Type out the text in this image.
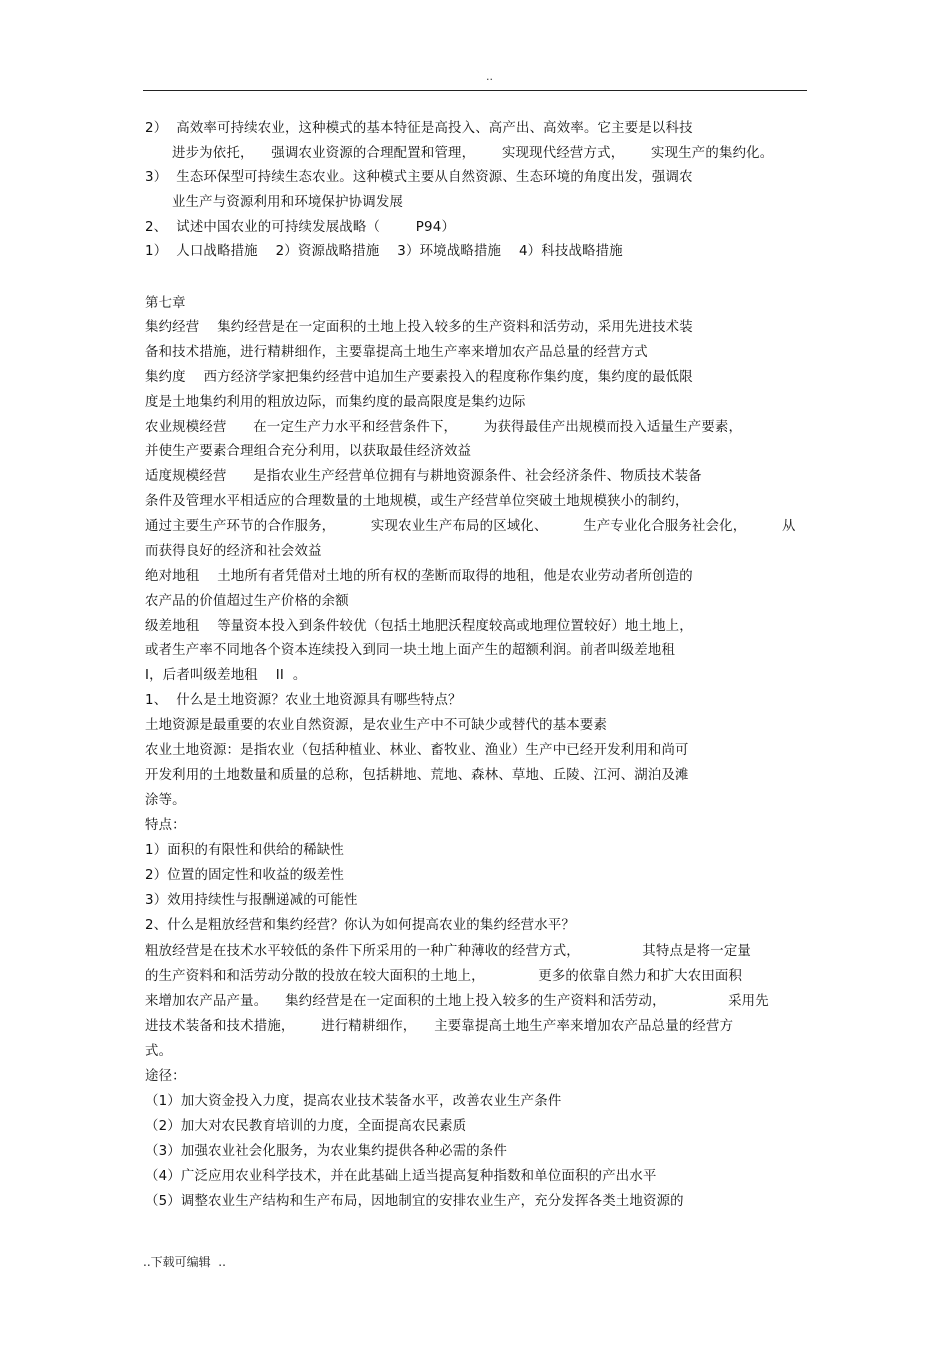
..
2）  高效率可持续农业，这种模式的基本特征是高投入、高产出、高效率。它主要是以科技
进步为依托，    强调农业资源的合理配置和管理，      实现现代经营方式，      实现生产的集约化。
3）  生态环保型可持续生态农业。这种模式主要从自然资源、生态环境的角度出发，强调农
业生产与资源利用和环境保护协调发展
2、  试述中国农业的可持续发展战略（        P94）
1）  人口战略措施    2）资源战略措施    3）环境战略措施    4）科技战略措施
第七章
集约经营    集约经营是在一定面积的土地上投入较多的生产资料和活劳动，采用先进技术装
备和技术措施，进行精耕细作，主要靠提高土地生产率来增加农产品总量的经营方式
集约度    西方经济学家把集约经营中追加生产要素投入的程度称作集约度，集约度的最低限
度是土地集约利用的粗放边际，而集约度的最高限度是集约边际
农业规模经营      在一定生产力水平和经营条件下，      为获得最佳产出规模而投入适量生产要素，
并使生产要素合理组合充分利用，以获取最佳经济效益
适度规模经营      是指农业生产经营单位拥有与耕地资源条件、社会经济条件、物质技术装备
条件及管理水平相适应的合理数量的土地规模，或生产经营单位突破土地规模狭小的制约，
通过主要生产环节的合作服务，        实现农业生产布局的区域化、        生产专业化合服务社会化，        从
而获得良好的经济和社会效益
绝对地租    土地所有者凭借对土地的所有权的垄断而取得的地租，他是农业劳动者所创造的
农产品的价值超过生产价格的余额
级差地租    等量资本投入到条件较优（包括土地肥沃程度较高或地理位置较好）地土地上，
或者生产率不同地各个资本连续投入到同一块土地上面产生的超额利润。前者叫级差地租
I，后者叫级差地租    II  。
1、  什么是土地资源？农业土地资源具有哪些特点？
土地资源是最重要的农业自然资源，是农业生产中不可缺少或替代的基本要素
农业土地资源：是指农业（包括种植业、林业、畜牧业、渔业）生产中已经开发利用和尚可
开发利用的土地数量和质量的总称，包括耕地、荒地、森林、草地、丘陵、江河、湖泊及滩
涂等。
特点：
1）面积的有限性和供给的稀缺性
2）位置的固定性和收益的级差性
3）效用持续性与报酬递减的可能性
2、什么是粗放经营和集约经营？你认为如何提高农业的集约经营水平？
粗放经营是在技术水平较低的条件下所采用的一种广种薄收的经营方式，              其特点是将一定量
的生产资料和和活劳动分散的投放在较大面积的土地上，            更多的依靠自然力和扩大农田面积
来增加农产品产量。    集约经营是在一定面积的土地上投入较多的生产资料和活劳动，              采用先
进技术装备和技术措施，      进行精耕细作，    主要靠提高土地生产率来增加农产品总量的经营方
式。
途径：
（1）加大资金投入力度，提高农业技术装备水平，改善农业生产条件
（2）加大对农民教育培训的力度，全面提高农民素质
（3）加强农业社会化服务，为农业集约提供各种必需的条件
（4）广泛应用农业科学技术，并在此基础上适当提高复种指数和单位面积的产出水平
（5）调整农业生产结构和生产布局，因地制宜的安排农业生产，充分发挥各类土地资源的
..下载可编辑  ..
